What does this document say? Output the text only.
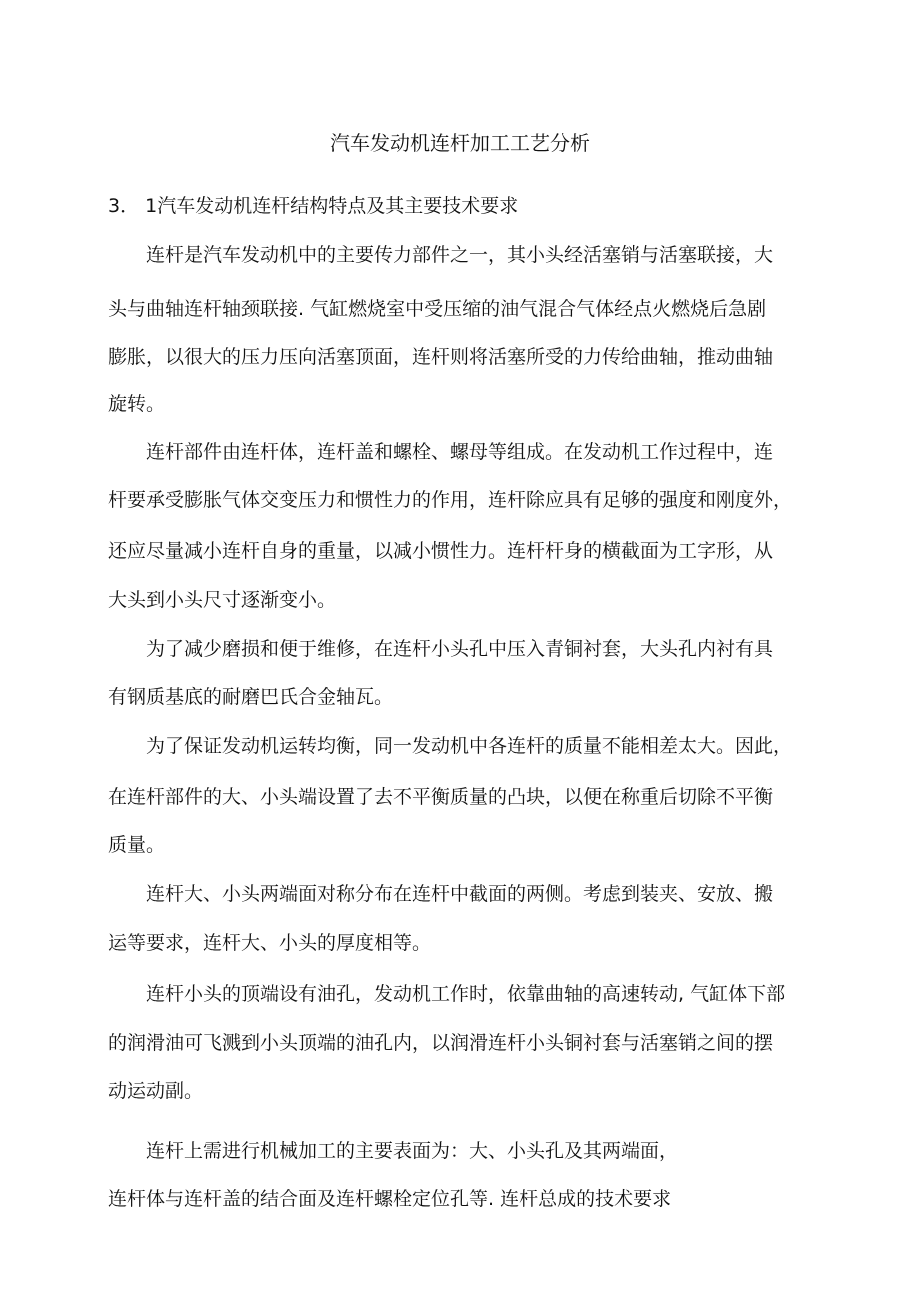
汽车发动机连杆加工工艺分析
3． 1汽车发动机连杆结构特点及其主要技术要求
连杆是汽车发动机中的主要传力部件之一，其小头经活塞销与活塞联接，大
头与曲轴连杆轴颈联接. 气缸燃烧室中受压缩的油气混合气体经点火燃烧后急剧
膨胀，以很大的压力压向活塞顶面，连杆则将活塞所受的力传给曲轴，推动曲轴
旋转。
连杆部件由连杆体，连杆盖和螺栓、螺母等组成。在发动机工作过程中，连
杆要承受膨胀气体交变压力和惯性力的作用，连杆除应具有足够的强度和刚度外，
还应尽量减小连杆自身的重量，以减小惯性力。连杆杆身的横截面为工字形，从
大头到小头尺寸逐渐变小。
为了减少磨损和便于维修，在连杆小头孔中压入青铜衬套，大头孔内衬有具
有钢质基底的耐磨巴氏合金轴瓦。
为了保证发动机运转均衡，同一发动机中各连杆的质量不能相差太大。因此，
在连杆部件的大、小头端设置了去不平衡质量的凸块，以便在称重后切除不平衡
质量。
连杆大、小头两端面对称分布在连杆中截面的两侧。考虑到装夹、安放、搬
运等要求，连杆大、小头的厚度相等。
连杆小头的顶端设有油孔，发动机工作时，依靠曲轴的高速转动, 气缸体下部
的润滑油可飞溅到小头顶端的油孔内，以润滑连杆小头铜衬套与活塞销之间的摆
动运动副。
连杆上需进行机械加工的主要表面为：大、小头孔及其两端面，
连杆体与连杆盖的结合面及连杆螺栓定位孔等. 连杆总成的技术要求
